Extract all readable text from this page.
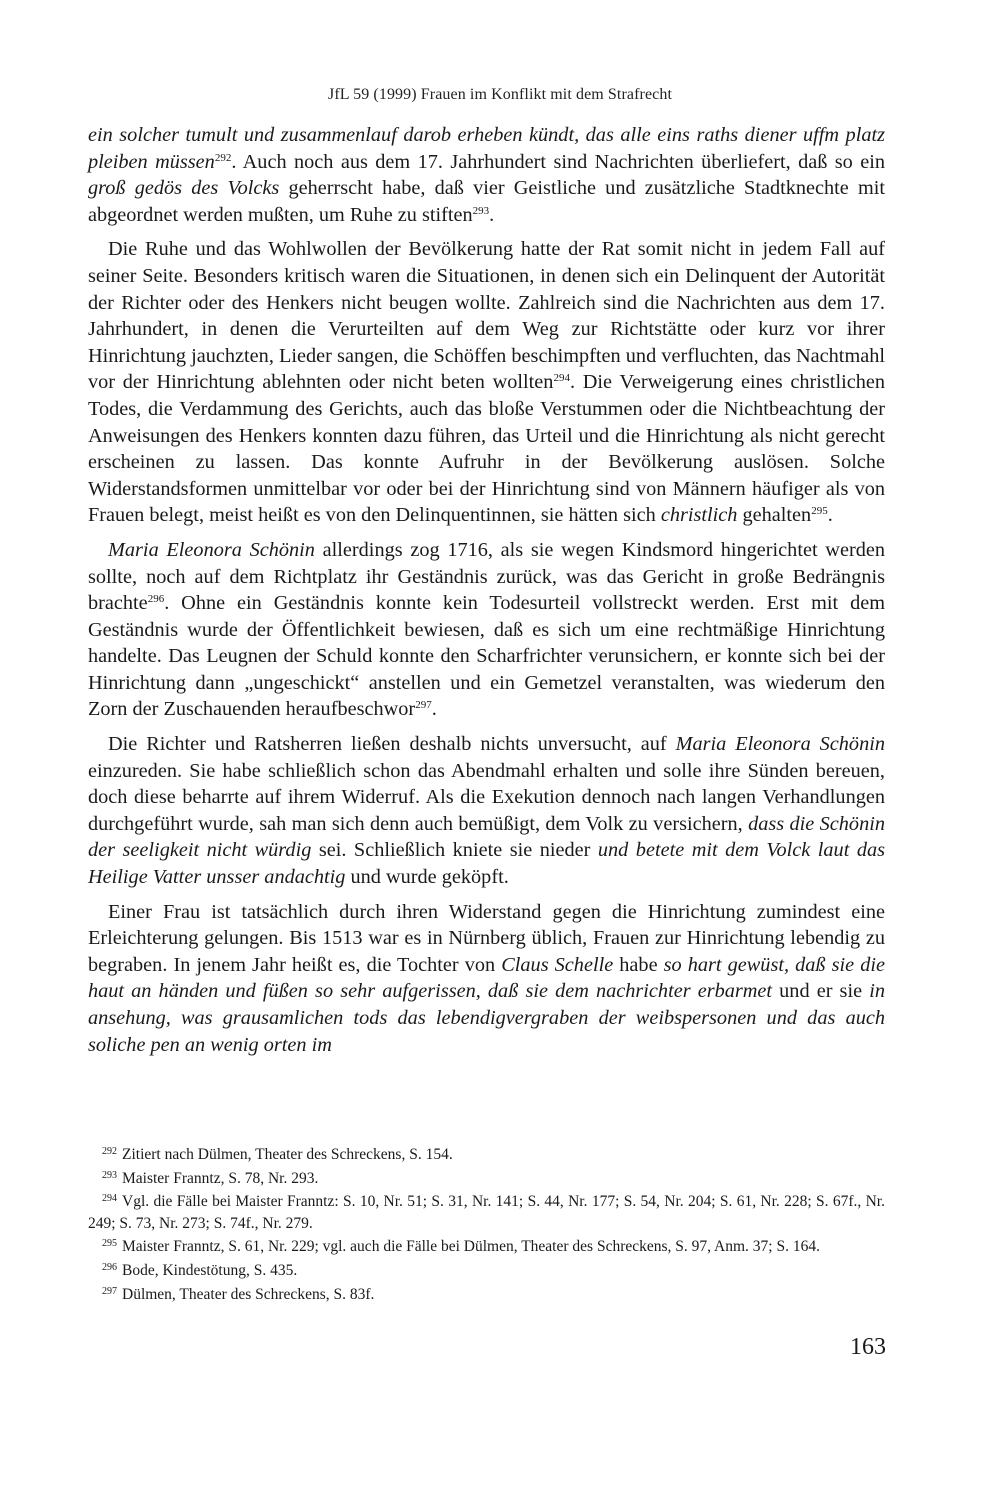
JfL 59 (1999) Frauen im Konflikt mit dem Strafrecht

ein solcher tumult und zusammenlauf darob erheben kündt, das alle eins raths diener uffm platz pleiben müssen$^{292}$. Auch noch aus dem 17. Jahrhundert sind Nachrichten überliefert, daß so ein groß gedös des Volcks geherrscht habe, daß vier Geistliche und zusätzliche Stadtknechte mit abgeordnet werden mußten, um Ruhe zu stiften$^{293}$.

Die Ruhe und das Wohlwollen der Bevölkerung hatte der Rat somit nicht in jedem Fall auf seiner Seite. Besonders kritisch waren die Situationen, in denen sich ein Delinquent der Autorität der Richter oder des Henkers nicht beugen wollte. Zahlreich sind die Nachrichten aus dem 17. Jahrhundert, in denen die Verurteilten auf dem Weg zur Richtstätte oder kurz vor ihrer Hinrichtung jauchzten, Lieder sangen, die Schöffen beschimpften und verfluchten, das Nachtmahl vor der Hinrichtung ablehnten oder nicht beten wollten$^{294}$. Die Verweigerung eines christlichen Todes, die Verdammung des Gerichts, auch das bloße Verstummen oder die Nichtbeachtung der Anweisungen des Henkers konnten dazu führen, das Urteil und die Hinrichtung als nicht gerecht erscheinen zu lassen. Das konnte Aufruhr in der Bevölkerung auslösen. Solche Widerstandsformen unmittelbar vor oder bei der Hinrichtung sind von Männern häufiger als von Frauen belegt, meist heißt es von den Delinquentinnen, sie hätten sich christlich gehalten$^{295}$.

Maria Eleonora Schönin allerdings zog 1716, als sie wegen Kindsmord hingerichtet werden sollte, noch auf dem Richtplatz ihr Geständnis zurück, was das Gericht in große Bedrängnis brachte$^{296}$. Ohne ein Geständnis konnte kein Todesurteil vollstreckt werden. Erst mit dem Geständnis wurde der Öffentlichkeit bewiesen, daß es sich um eine rechtmäßige Hinrichtung handelte. Das Leugnen der Schuld konnte den Scharfrichter verunsichern, er konnte sich bei der Hinrichtung dann „ungeschickt“ anstellen und ein Gemetzel veranstalten, was wiederum den Zorn der Zuschauenden heraufbeschwor$^{297}$.

Die Richter und Ratsherren ließen deshalb nichts unversucht, auf Maria Eleonora Schönin einzureden. Sie habe schließlich schon das Abendmahl erhalten und solle ihre Sünden bereuen, doch diese beharrte auf ihrem Widerruf. Als die Exekution dennoch nach langen Verhandlungen durchgeführt wurde, sah man sich denn auch bemüßigt, dem Volk zu versichern, dass die Schönin der seeligkeit nicht würdig sei. Schließlich kniete sie nieder und betete mit dem Volck laut das Heilige Vatter unsser andachtig und wurde geköpft.

Einer Frau ist tatsächlich durch ihren Widerstand gegen die Hinrichtung zumindest eine Erleichterung gelungen. Bis 1513 war es in Nürnberg üblich, Frauen zur Hinrichtung lebendig zu begraben. In jenem Jahr heißt es, die Tochter von Claus Schelle habe so hart gewüst, daß sie die haut an händen und füßen so sehr aufgerissen, daß sie dem nachrichter erbarmet und er sie in ansehung, was grausamlichen tods das lebendigvergraben der weibspersonen und das auch soliche pen an wenig orten im

$^{292}$ Zitiert nach Dülmen, Theater des Schreckens, S. 154.
$^{293}$ Maister Franntz, S. 78, Nr. 293.
$^{294}$ Vgl. die Fälle bei Maister Franntz: S. 10, Nr. 51; S. 31, Nr. 141; S. 44, Nr. 177; S. 54, Nr. 204; S. 61, Nr. 228; S. 67f., Nr. 249; S. 73, Nr. 273; S. 74f., Nr. 279.
$^{295}$ Maister Franntz, S. 61, Nr. 229; vgl. auch die Fälle bei Dülmen, Theater des Schreckens, S. 97, Anm. 37; S. 164.
$^{296}$ Bode, Kindestötung, S. 435.
$^{297}$ Dülmen, Theater des Schreckens, S. 83f.
163
